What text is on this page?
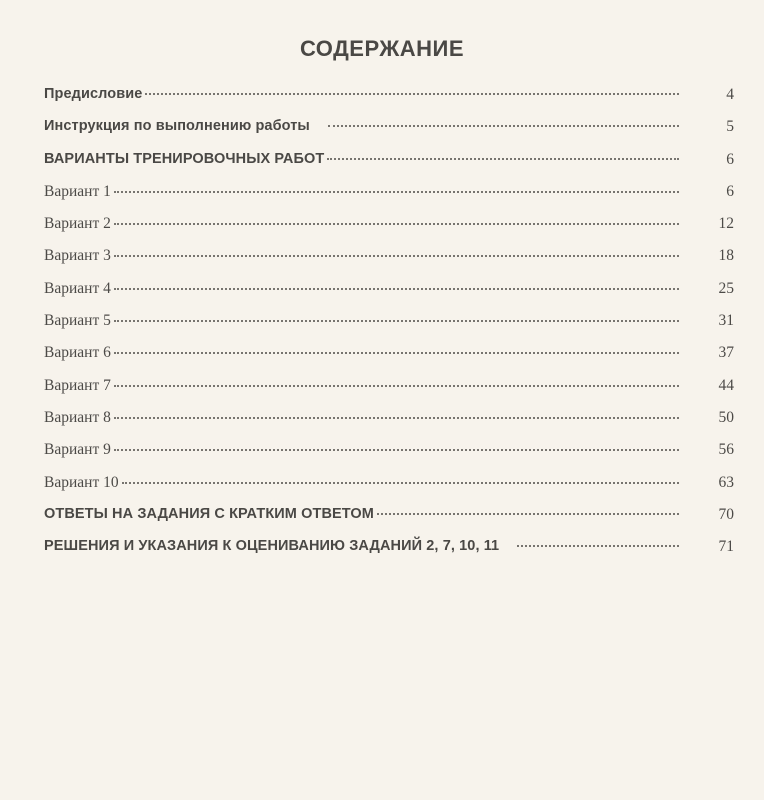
СОДЕРЖАНИЕ
Предисловие	4
Инструкция по выполнению работы	5
ВАРИАНТЫ ТРЕНИРОВОЧНЫХ РАБОТ	6
Вариант 1	6
Вариант 2	12
Вариант 3	18
Вариант 4	25
Вариант 5	31
Вариант 6	37
Вариант 7	44
Вариант 8	50
Вариант 9	56
Вариант 10	63
ОТВЕТЫ НА ЗАДАНИЯ С КРАТКИМ ОТВЕТОМ	70
РЕШЕНИЯ И УКАЗАНИЯ К ОЦЕНИВАНИЮ ЗАДАНИЙ 2, 7, 10, 11	71
